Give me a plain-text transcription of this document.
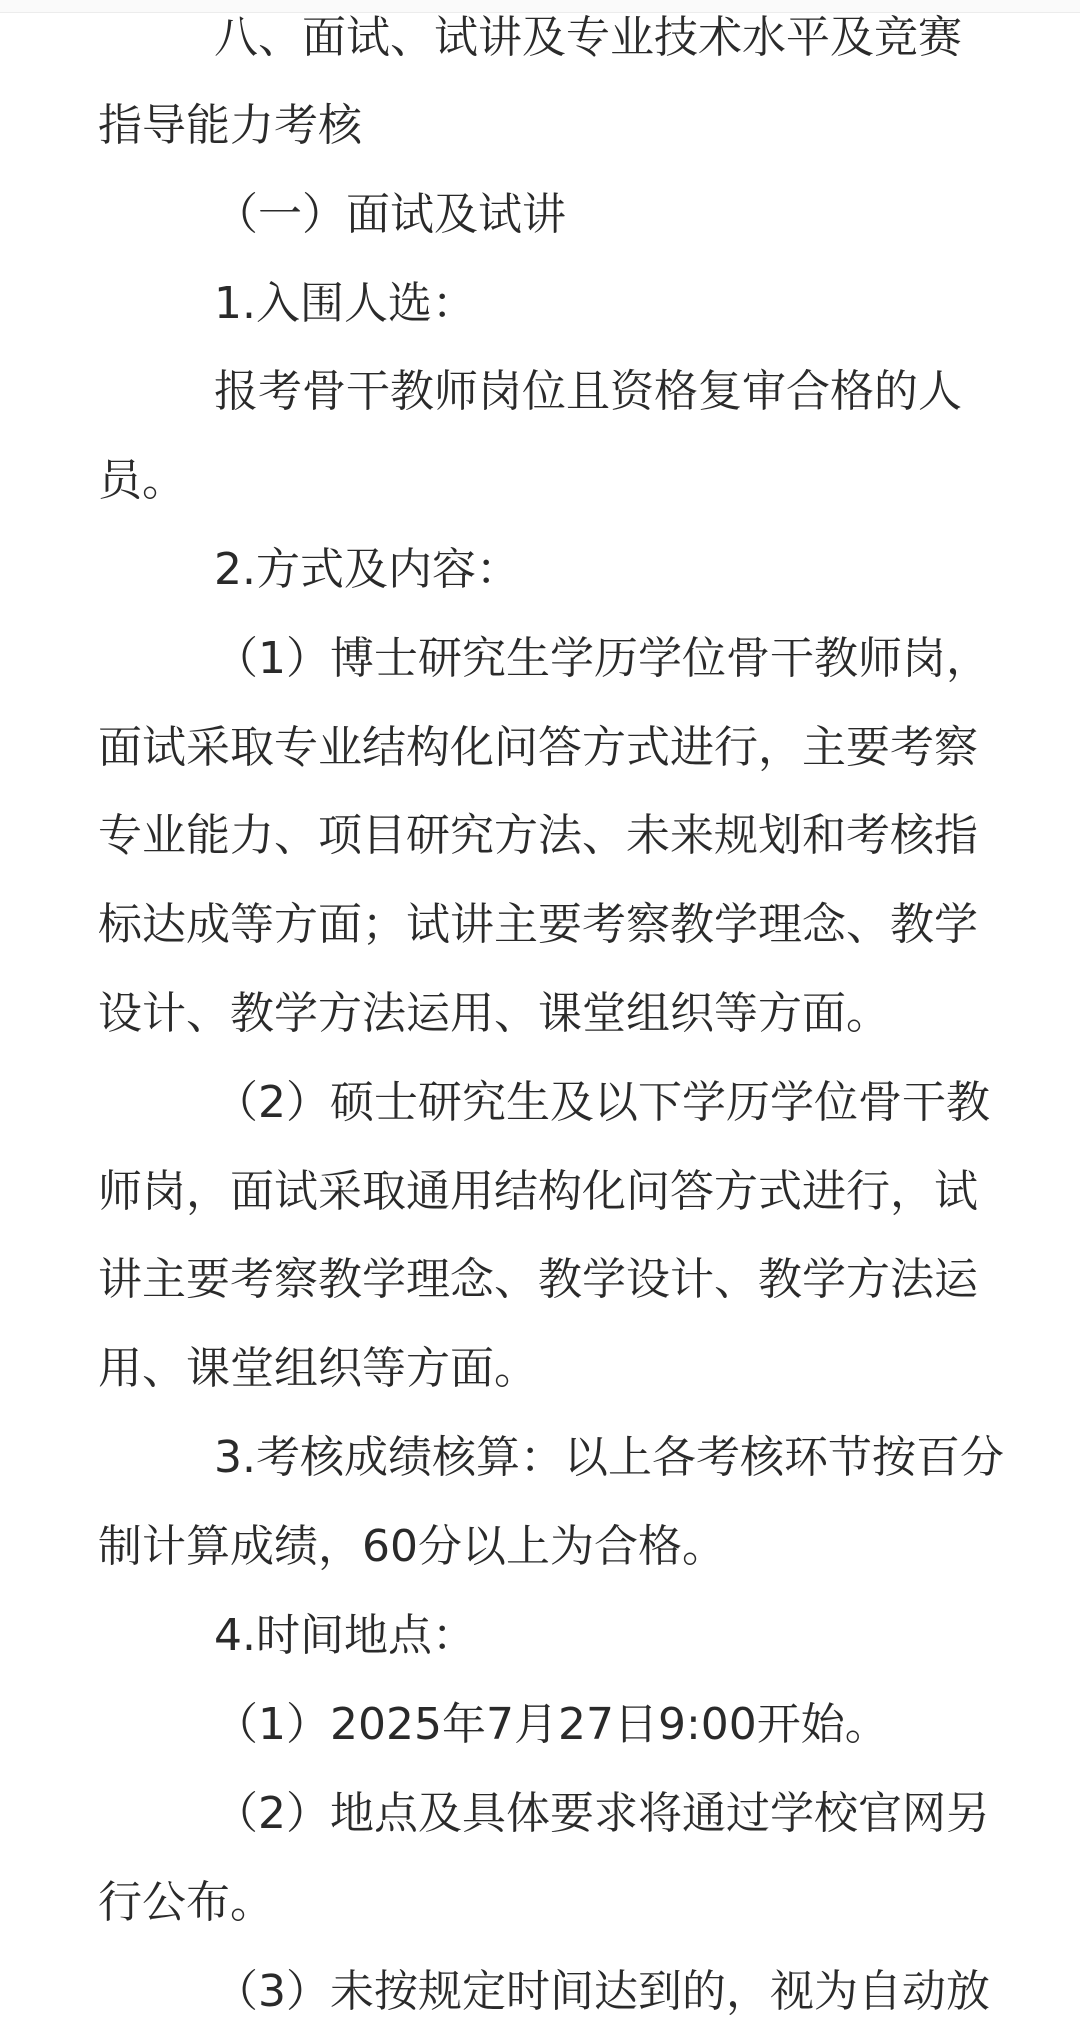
八、面试、试讲及专业技术水平及竞赛
指导能力考核
（一）面试及试讲
1.入围人选：
报考骨干教师岗位且资格复审合格的人
员。
2.方式及内容：
（1）博士研究生学历学位骨干教师岗，
面试采取专业结构化问答方式进行，主要考察
专业能力、项目研究方法、未来规划和考核指
标达成等方面；试讲主要考察教学理念、教学
设计、教学方法运用、课堂组织等方面。
（2）硕士研究生及以下学历学位骨干教
师岗，面试采取通用结构化问答方式进行，试
讲主要考察教学理念、教学设计、教学方法运
用、课堂组织等方面。
3.考核成绩核算：以上各考核环节按百分
制计算成绩，60分以上为合格。
4.时间地点：
（1）2025年7月27日9:00开始。
（2）地点及具体要求将通过学校官网另
行公布。
（3）未按规定时间达到的，视为自动放
